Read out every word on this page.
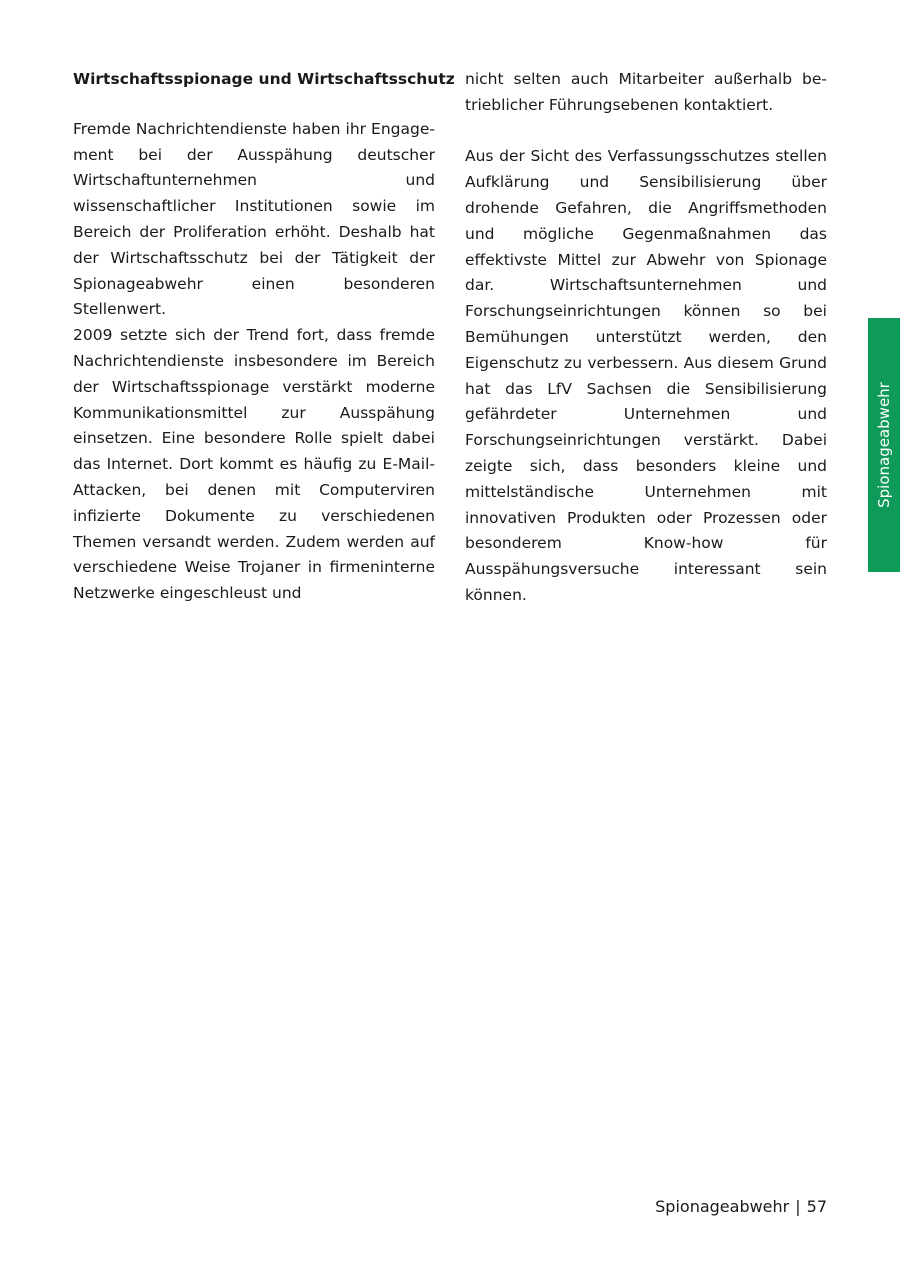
Wirtschaftsspionage und Wirtschaftsschutz

Fremde Nachrichtendienste haben ihr Engagement bei der Ausspähung deutscher Wirtschaftunternehmen und wissenschaftlicher Institutionen sowie im Bereich der Proliferation erhöht. Deshalb hat der Wirtschaftsschutz bei der Tätigkeit der Spionageabwehr einen besonderen Stellenwert.

2009 setzte sich der Trend fort, dass fremde Nachrichtendienste insbesondere im Bereich der Wirtschaftsspionage verstärkt moderne Kommunikationsmittel zur Ausspähung einsetzen. Eine besondere Rolle spielt dabei das Internet. Dort kommt es häufig zu E-Mail-Attacken, bei denen mit Computerviren infizierte Dokumente zu verschiedenen Themen versandt werden. Zudem werden auf verschiedene Weise Trojaner in firmeninterne Netzwerke eingeschleust und

nicht selten auch Mitarbeiter außerhalb betrieblicher Führungsebenen kontaktiert.

Aus der Sicht des Verfassungsschutzes stellen Aufklärung und Sensibilisierung über drohende Gefahren, die Angriffsmethoden und mögliche Gegenmaßnahmen das effektivste Mittel zur Abwehr von Spionage dar. Wirtschaftsunternehmen und Forschungseinrichtungen können so bei Bemühungen unterstützt werden, den Eigenschutz zu verbessern. Aus diesem Grund hat das LfV Sachsen die Sensibilisierung gefährdeter Unternehmen und Forschungseinrichtungen verstärkt. Dabei zeigte sich, dass besonders kleine und mittelständische Unternehmen mit innovativen Produkten oder Prozessen oder besonderem Know-how für Ausspähungsversuche interessant sein können.

Spionageabwehr
Spionageabwehr | 57
